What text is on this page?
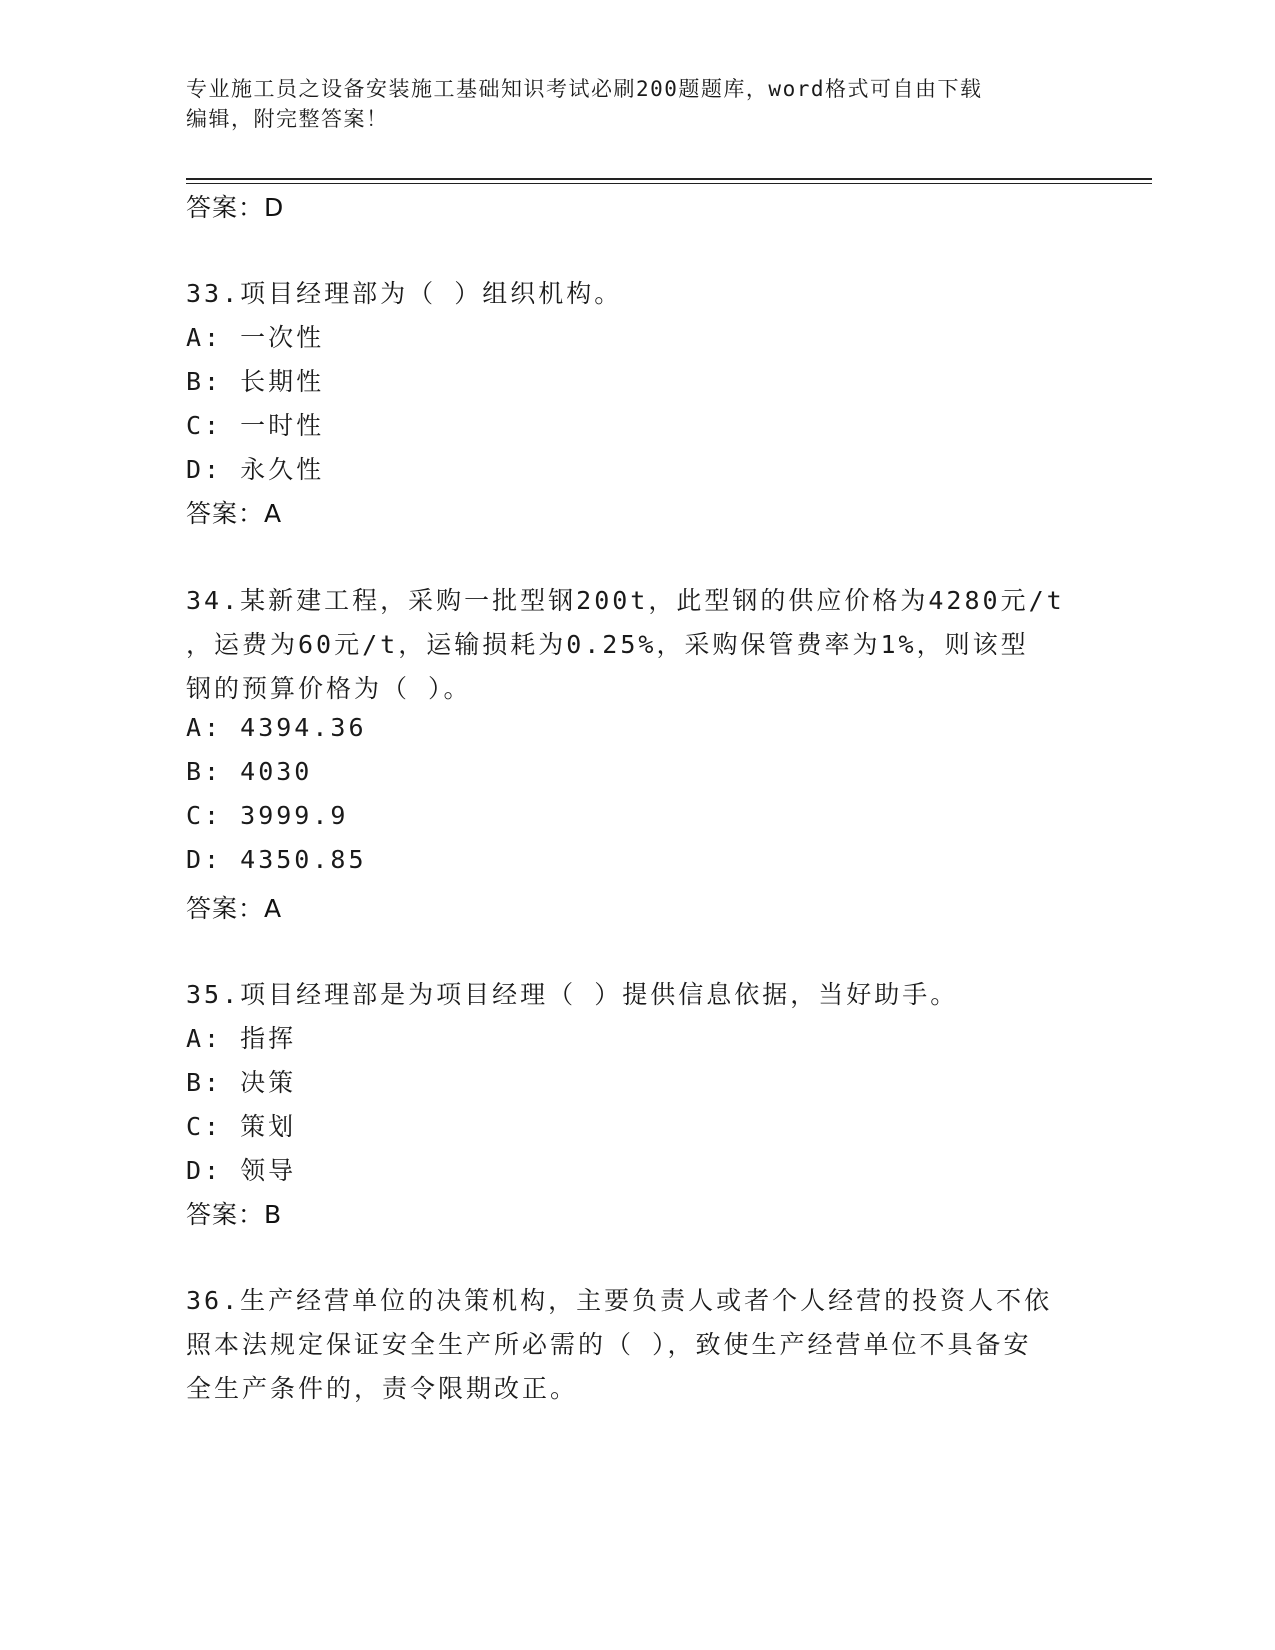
专业施工员之设备安装施工基础知识考试必刷200题题库，word格式可自由下载
编辑，附完整答案！
答案：D
33.项目经理部为（ ）组织机构。
A: 一次性
B: 长期性
C: 一时性
D: 永久性
答案：A
34.某新建工程，采购一批型钢200t，此型钢的供应价格为4280元/t
，运费为60元/t，运输损耗为0.25%，采购保管费率为1%，则该型
钢的预算价格为（ ）。
A: 4394.36
B: 4030
C: 3999.9
D: 4350.85
答案：A
35.项目经理部是为项目经理（ ）提供信息依据，当好助手。
A: 指挥
B: 决策
C: 策划
D: 领导
答案：B
36.生产经营单位的决策机构，主要负责人或者个人经营的投资人不依
照本法规定保证安全生产所必需的（ ），致使生产经营单位不具备安
全生产条件的，责令限期改正。
